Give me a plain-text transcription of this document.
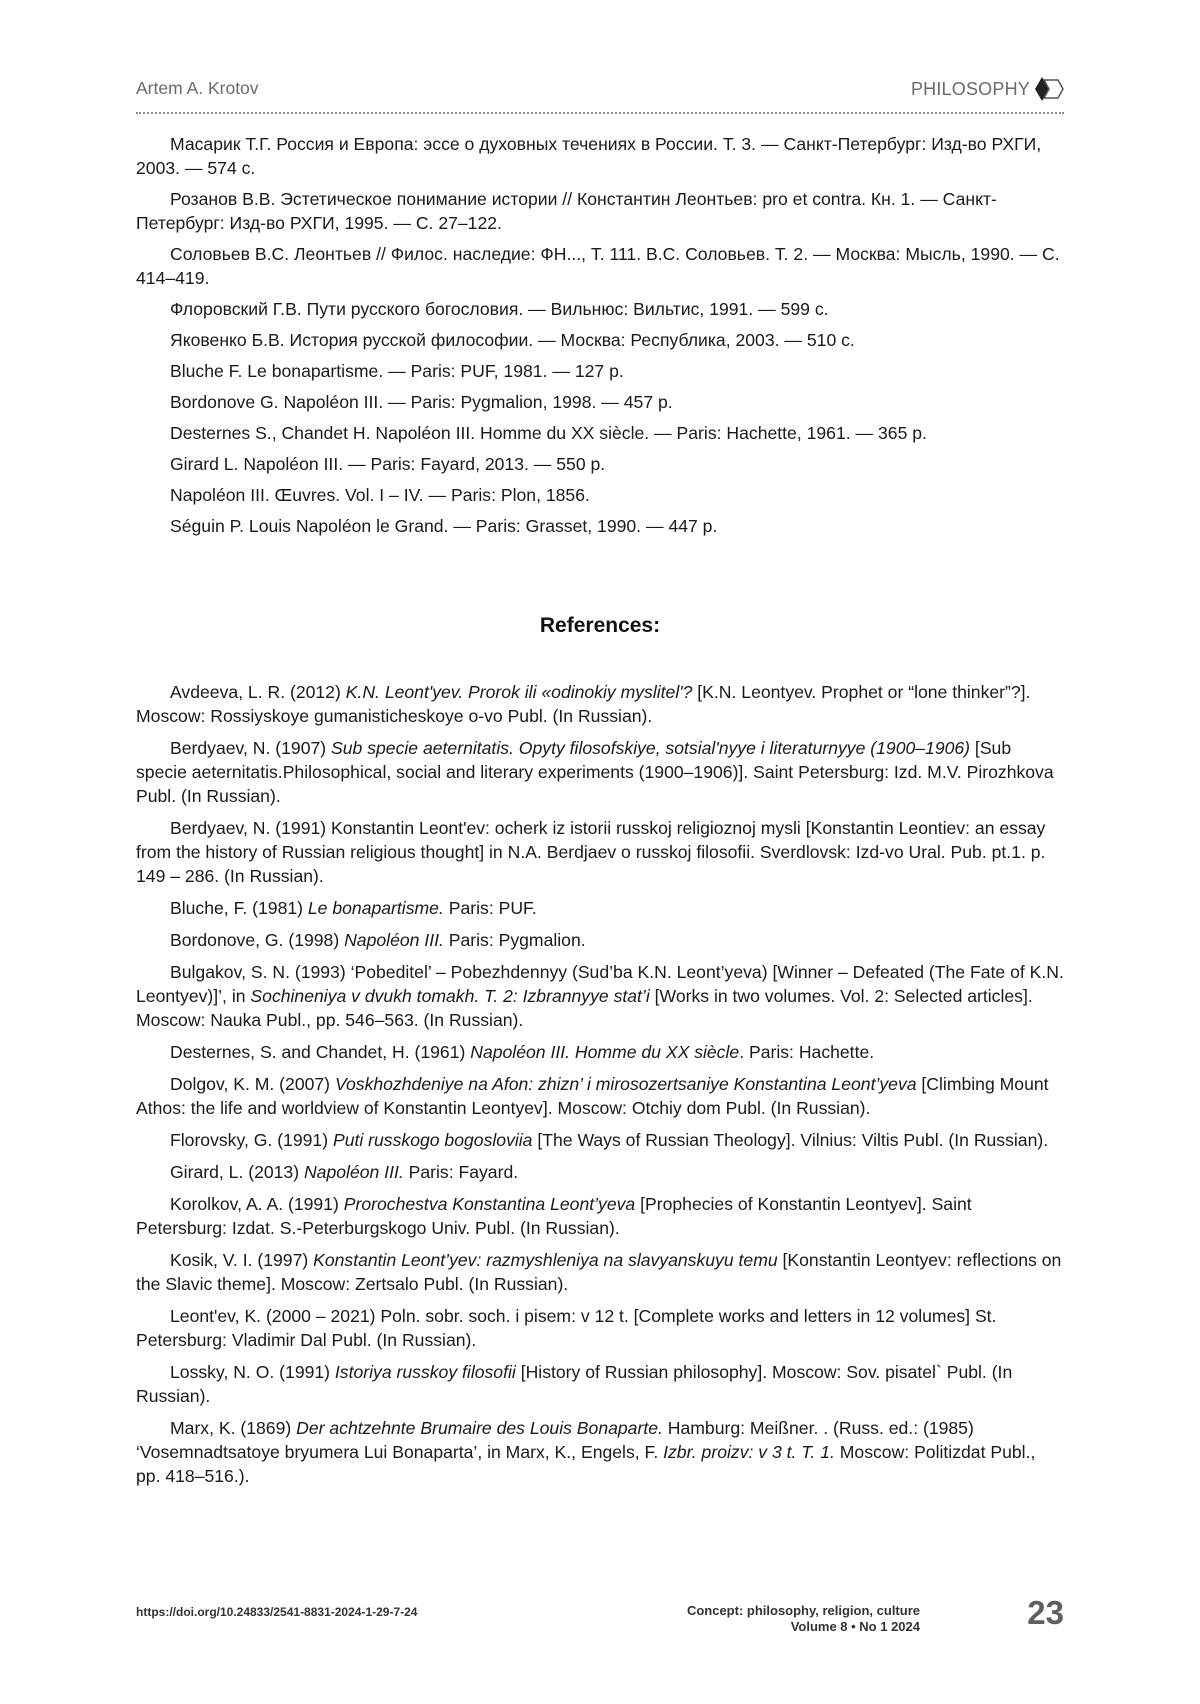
Artem A. Krotov	PHILOSOPHY

Масарик Т.Г. Россия и Европа: эссе о духовных течениях в России. Т. 3. — Санкт-Петербург: Изд-во РХГИ, 2003. — 574 с.

Розанов В.В. Эстетическое понимание истории // Константин Леонтьев: pro et contra. Кн. 1. — Санкт-Петербург: Изд-во РХГИ, 1995. — С. 27–122.

Соловьев В.С. Леонтьев // Филос. наследие: ФН..., Т. 111. В.С. Соловьев. Т. 2. — Москва: Мысль, 1990. — С. 414–419.

Флоровский Г.В. Пути русского богословия. — Вильнюс: Вильтис, 1991. — 599 с.

Яковенко Б.В. История русской философии. — Москва: Республика, 2003. — 510 с.

Bluche F. Le bonapartisme. — Paris: PUF, 1981. — 127 p.

Bordonove G. Napoléon III. — Paris: Pygmalion, 1998. — 457 p.

Desternes S., Chandet H. Napoléon III. Homme du XX siècle. — Paris: Hachette, 1961. — 365 p.

Girard L. Napoléon III. — Paris: Fayard, 2013. — 550 p.

Napoléon III. Œuvres. Vol. I – IV. — Paris: Plon, 1856.

Séguin P. Louis Napoléon le Grand. — Paris: Grasset, 1990. — 447 p.

References:

Avdeeva, L. R. (2012) K.N. Leont'yev. Prorok ili «odinokiy myslitel'? [K.N. Leontyev. Prophet or “lone thinker”?]. Moscow: Rossiyskoye gumanisticheskoye o-vo Publ. (In Russian).

Berdyaev, N. (1907) Sub specie aeternitatis. Opyty filosofskiye, sotsial'nyye i literaturnyye (1900–1906) [Sub specie aeternitatis.Philosophical, social and literary experiments (1900–1906)]. Saint Petersburg: Izd. M.V. Pirozhkova Publ. (In Russian).

Berdyaev, N. (1991) Konstantin Leont'ev: ocherk iz istorii russkoj religioznoj mysli [Konstantin Leontiev: an essay from the history of Russian religious thought] in N.A. Berdjaev o russkoj filosofii. Sverdlovsk: Izd-vo Ural. Pub. pt.1. p. 149 – 286. (In Russian).

Bluche, F. (1981) Le bonapartisme. Paris: PUF.

Bordonove, G. (1998) Napoléon III. Paris: Pygmalion.

Bulgakov, S. N. (1993) ‘Pobeditel’ – Pobezhdennyy (Sud’ba K.N. Leont’yeva) [Winner – Defeated (The Fate of K.N. Leontyev)]’, in Sochineniya v dvukh tomakh. T. 2: Izbrannyye stat’i [Works in two volumes. Vol. 2: Selected articles]. Moscow: Nauka Publ., pp. 546–563. (In Russian).

Desternes, S. and Chandet, H. (1961) Napoléon III. Homme du XX siècle. Paris: Hachette.

Dolgov, K. M. (2007) Voskhozhdeniye na Afon: zhizn’ i mirosozertsaniye Konstantina Leont’yeva [Climbing Mount Athos: the life and worldview of Konstantin Leontyev]. Moscow: Otchiy dom Publ. (In Russian).

Florovsky, G. (1991) Puti russkogo bogosloviia [The Ways of Russian Theology]. Vilnius: Viltis Publ. (In Russian).

Girard, L. (2013) Napoléon III. Paris: Fayard.

Korolkov, A. A. (1991) Prorochestva Konstantina Leont’yeva [Prophecies of Konstantin Leontyev]. Saint Petersburg: Izdat. S.-Peterburgskogo Univ. Publ. (In Russian).

Kosik, V. I. (1997) Konstantin Leont’yev: razmyshleniya na slavyanskuyu temu [Konstantin Leontyev: reflections on the Slavic theme]. Moscow: Zertsalo Publ. (In Russian).

Leont'ev, K. (2000 – 2021) Poln. sobr. soch. i pisem: v 12 t. [Complete works and letters in 12 volumes] St. Petersburg: Vladimir Dal Publ. (In Russian).

Lossky, N. O. (1991) Istoriya russkoy filosofii [History of Russian philosophy]. Moscow: Sov. pisatel` Publ. (In Russian).

Marx, K. (1869) Der achtzehnte Brumaire des Louis Bonaparte. Hamburg: Meißner. . (Russ. ed.: (1985) ‘Vosemnadtsatoye bryumera Lui Bonaparta’, in Marx, K., Engels, F. Izbr. proizv: v 3 t. T. 1. Moscow: Politizdat Publ., pp. 418–516.).

https://doi.org/10.24833/2541-8831-2024-1-29-7-24	Concept: philosophy, religion, culture
Volume 8 • No 1 2024	23
